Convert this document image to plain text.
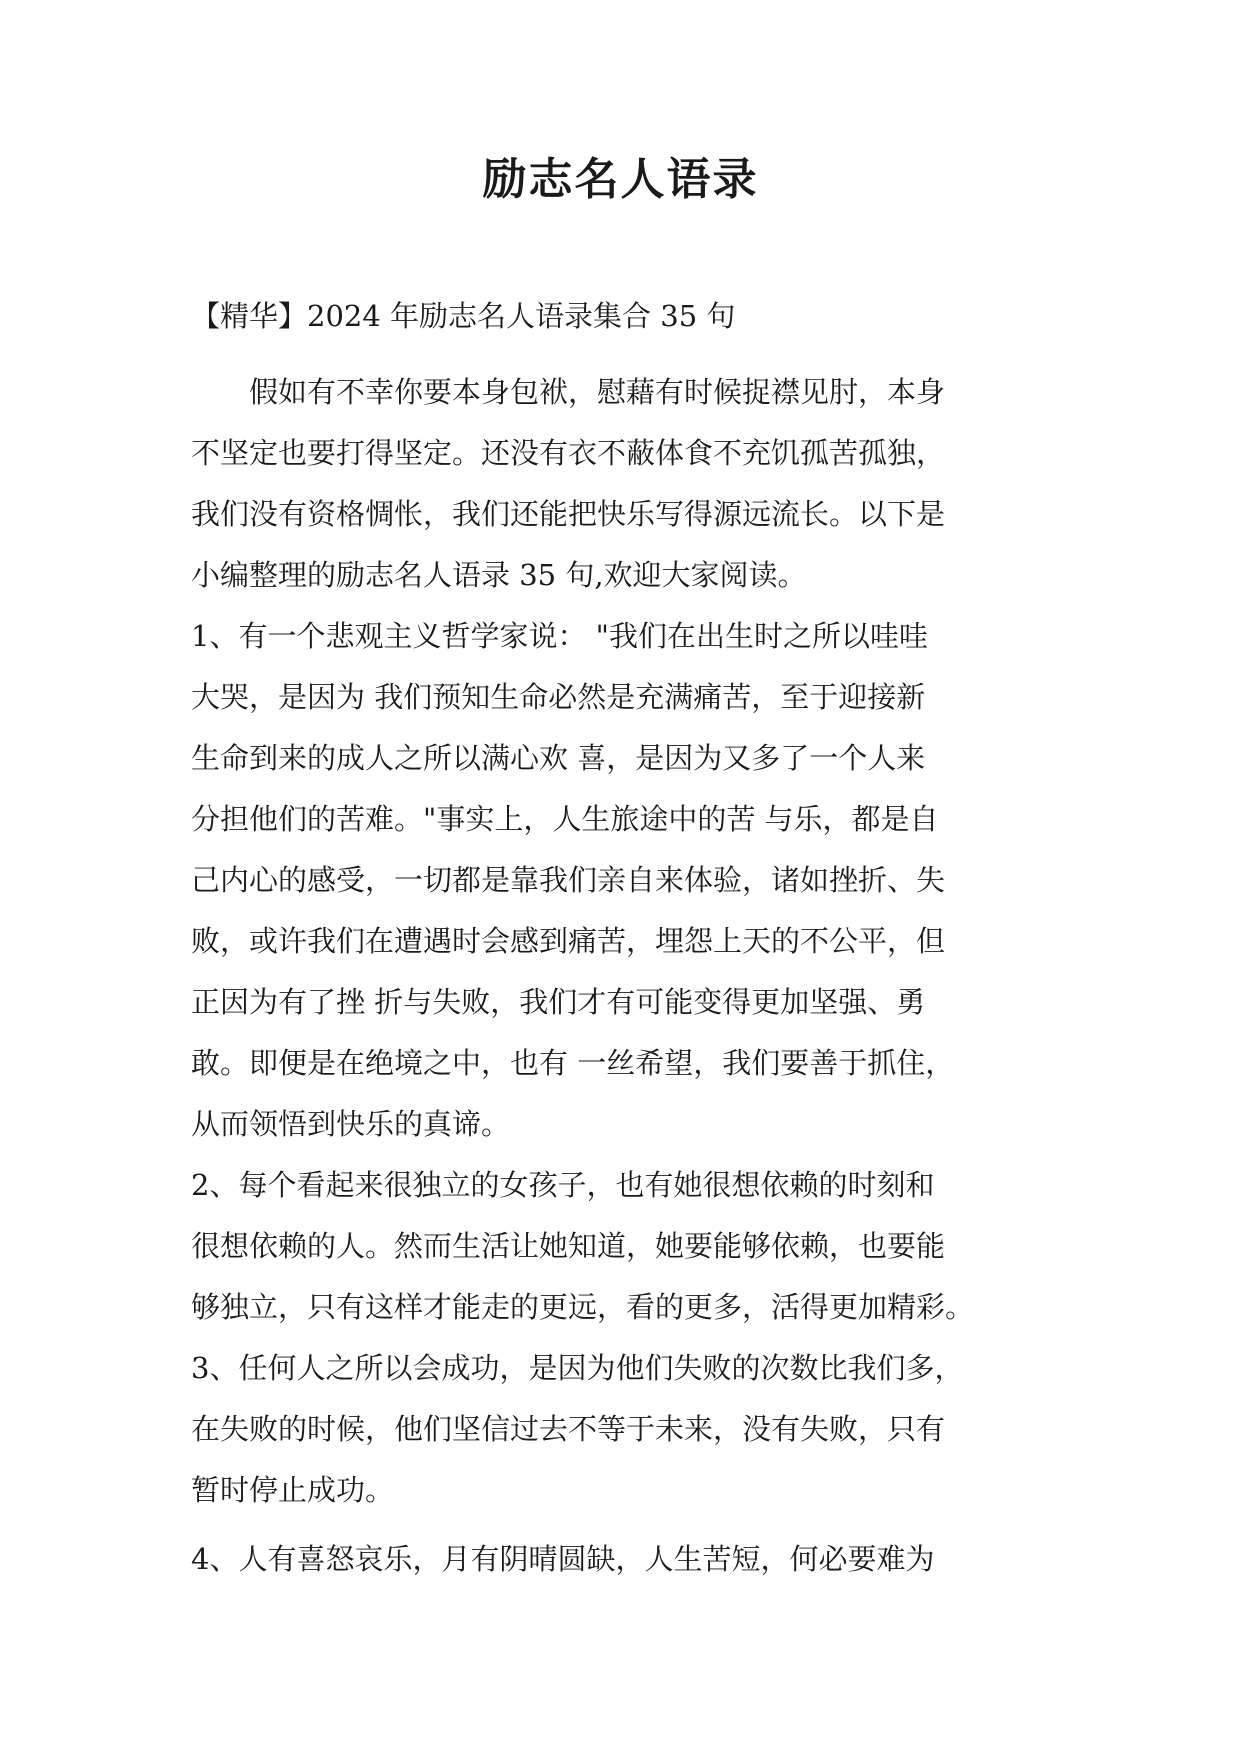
励志名人语录

【精华】2024 年励志名人语录集合 35 句

　　假如有不幸你要本身包袱，慰藉有时候捉襟见肘，本身

不坚定也要打得坚定。还没有衣不蔽体食不充饥孤苦孤独，

我们没有资格惆怅，我们还能把快乐写得源远流长。以下是

小编整理的励志名人语录 35 句,欢迎大家阅读。

1、有一个悲观主义哲学家说： "我们在出生时之所以哇哇

大哭，是因为 我们预知生命必然是充满痛苦，至于迎接新

生命到来的成人之所以满心欢 喜，是因为又多了一个人来

分担他们的苦难。"事实上，人生旅途中的苦 与乐，都是自

己内心的感受，一切都是靠我们亲自来体验，诸如挫折、失

败，或许我们在遭遇时会感到痛苦，埋怨上天的不公平，但

正因为有了挫 折与失败，我们才有可能变得更加坚强、勇

敢。即便是在绝境之中，也有 一丝希望，我们要善于抓住，

从而领悟到快乐的真谛。

2、每个看起来很独立的女孩子，也有她很想依赖的时刻和

很想依赖的人。然而生活让她知道，她要能够依赖，也要能

够独立，只有这样才能走的更远，看的更多，活得更加精彩。

3、任何人之所以会成功，是因为他们失败的次数比我们多，

在失败的时候，他们坚信过去不等于未来，没有失败，只有

暂时停止成功。

4、人有喜怒哀乐，月有阴晴圆缺，人生苦短，何必要难为
